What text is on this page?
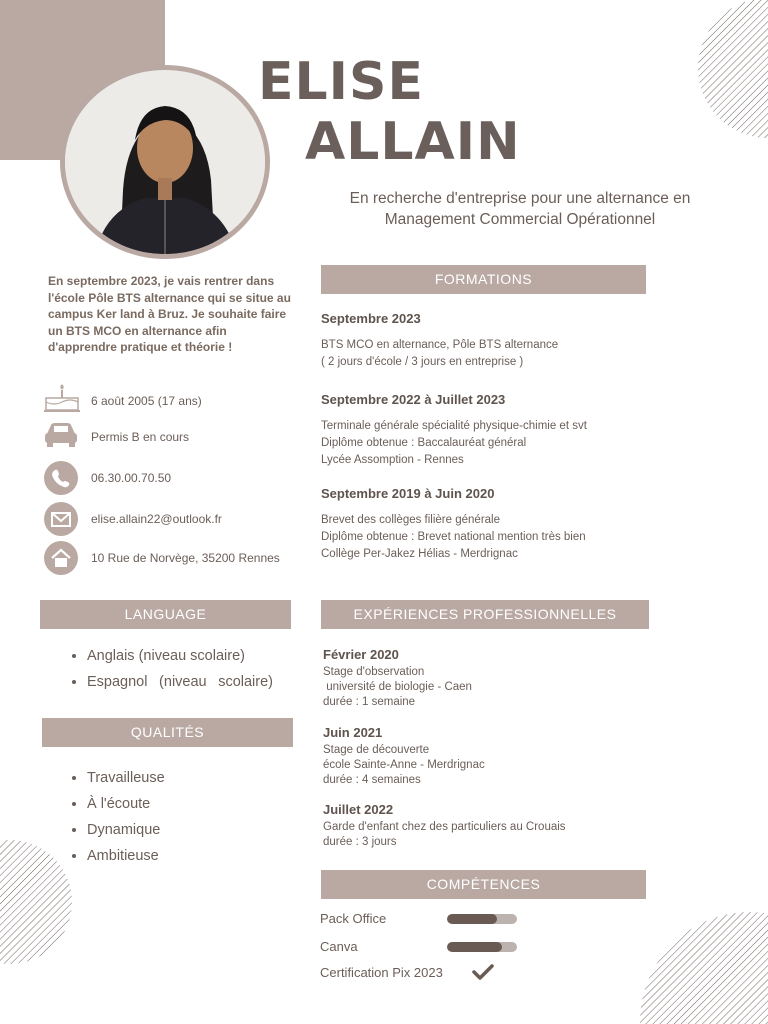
ELISE
ALLAIN
En recherche d'entreprise pour une alternance en Management Commercial Opérationnel
En septembre 2023, je vais rentrer dans l'école Pôle BTS alternance qui se situe au campus Ker land à Bruz. Je souhaite faire un BTS MCO en alternance afin d'apprendre pratique et théorie !
6 août 2005 (17 ans)
Permis B en cours
06.30.00.70.50
elise.allain22@outlook.fr
10 Rue de Norvège, 35200 Rennes
LANGUAGE
• Anglais (niveau scolaire)
• Espagnol (niveau scolaire)
QUALITÉS
• Travailleuse
• À l'écoute
• Dynamique
• Ambitieuse
FORMATIONS
Septembre 2023
BTS MCO en alternance, Pôle BTS alternance
( 2 jours d'école / 3 jours en entreprise )
Septembre 2022 à Juillet 2023
Terminale générale spécialité physique-chimie et svt
Diplôme obtenue : Baccalauréat général
Lycée Assomption - Rennes
Septembre 2019 à Juin 2020
Brevet des collèges filière générale
Diplôme obtenue : Brevet national mention très bien
Collège Per-Jakez Hélias - Merdrignac
EXPÉRIENCES PROFESSIONNELLES
Février 2020
Stage d'observation
université de biologie - Caen
durée : 1 semaine
Juin 2021
Stage de découverte
école Sainte-Anne - Merdrignac
durée : 4 semaines
Juillet 2022
Garde d'enfant chez des particuliers au Crouais
durée : 3 jours
COMPÉTENCES
Pack Office
Canva
Certification Pix 2023
